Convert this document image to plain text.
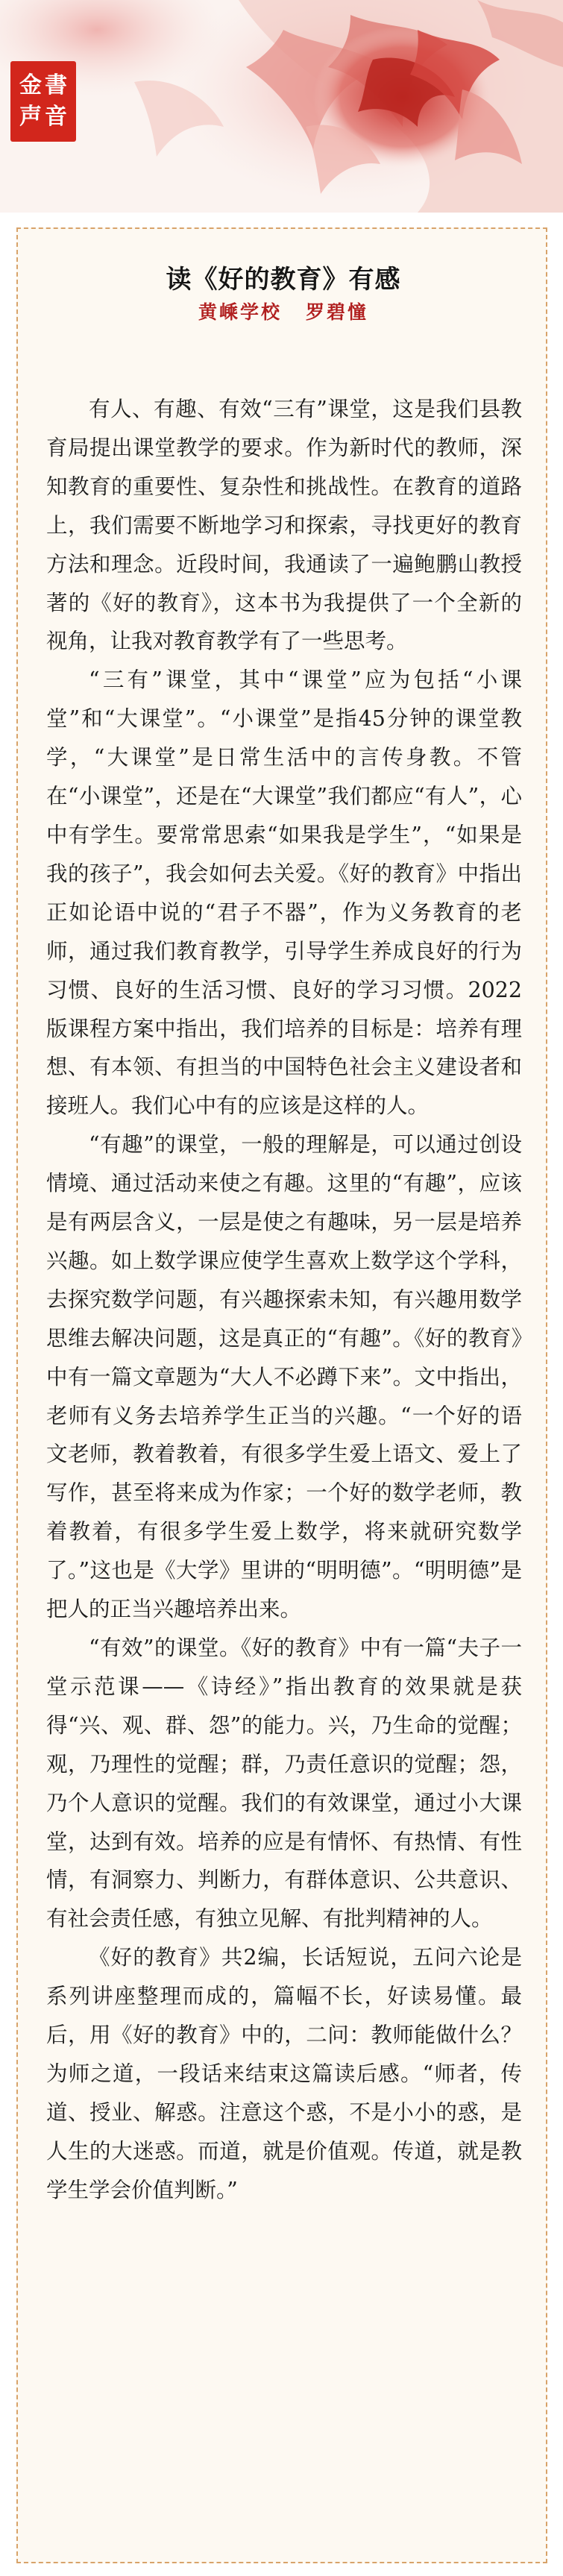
金 書
声 音
读《好的教育》有感
黄嵊学校 罗碧憧

有人、有趣、有效“三有”课堂，这是我们县教育局提出课堂教学的要求。作为新时代的教师，深知教育的重要性、复杂性和挑战性。在教育的道路上，我们需要不断地学习和探索，寻找更好的教育方法和理念。近段时间，我通读了一遍鲍鹏山教授著的《好的教育》，这本书为我提供了一个全新的视角，让我对教育教学有了一些思考。

“三有”课堂，其中“课堂”应为包括“小课堂”和“大课堂”。“小课堂”是指45分钟的课堂教学，“大课堂”是日常生活中的言传身教。不管在“小课堂”，还是在“大课堂”我们都应“有人”，心中有学生。要常常思索“如果我是学生”，“如果是我的孩子”，我会如何去关爱。《好的教育》中指出正如论语中说的“君子不器”，作为义务教育的老师，通过我们教育教学，引导学生养成良好的行为习惯、良好的生活习惯、良好的学习习惯。2022版课程方案中指出，我们培养的目标是：培养有理想、有本领、有担当的中国特色社会主义建设者和接班人。我们心中有的应该是这样的人。

“有趣”的课堂，一般的理解是，可以通过创设情境、通过活动来使之有趣。这里的“有趣”，应该是有两层含义，一层是使之有趣味，另一层是培养兴趣。如上数学课应使学生喜欢上数学这个学科，去探究数学问题，有兴趣探索未知，有兴趣用数学思维去解决问题，这是真正的“有趣”。《好的教育》中有一篇文章题为“大人不必蹲下来”。文中指出，老师有义务去培养学生正当的兴趣。“一个好的语文老师，教着教着，有很多学生爱上语文、爱上了写作，甚至将来成为作家；一个好的数学老师，教着教着，有很多学生爱上数学，将来就研究数学了。”这也是《大学》里讲的“明明德”。“明明德”是把人的正当兴趣培养出来。

“有效”的课堂。《好的教育》中有一篇“夫子一堂示范课——《诗经》”指出教育的效果就是获得“兴、观、群、怨”的能力。兴，乃生命的觉醒；观，乃理性的觉醒；群，乃责任意识的觉醒；怨，乃个人意识的觉醒。我们的有效课堂，通过小大课堂，达到有效。培养的应是有情怀、有热情、有性情，有洞察力、判断力，有群体意识、公共意识、有社会责任感，有独立见解、有批判精神的人。

《好的教育》共2编，长话短说，五问六论是系列讲座整理而成的，篇幅不长，好读易懂。最后，用《好的教育》中的，二问：教师能做什么？为师之道，一段话来结束这篇读后感。“师者，传道、授业、解惑。注意这个惑，不是小小的惑，是人生的大迷惑。而道，就是价值观。传道，就是教学生学会价值判断。”
